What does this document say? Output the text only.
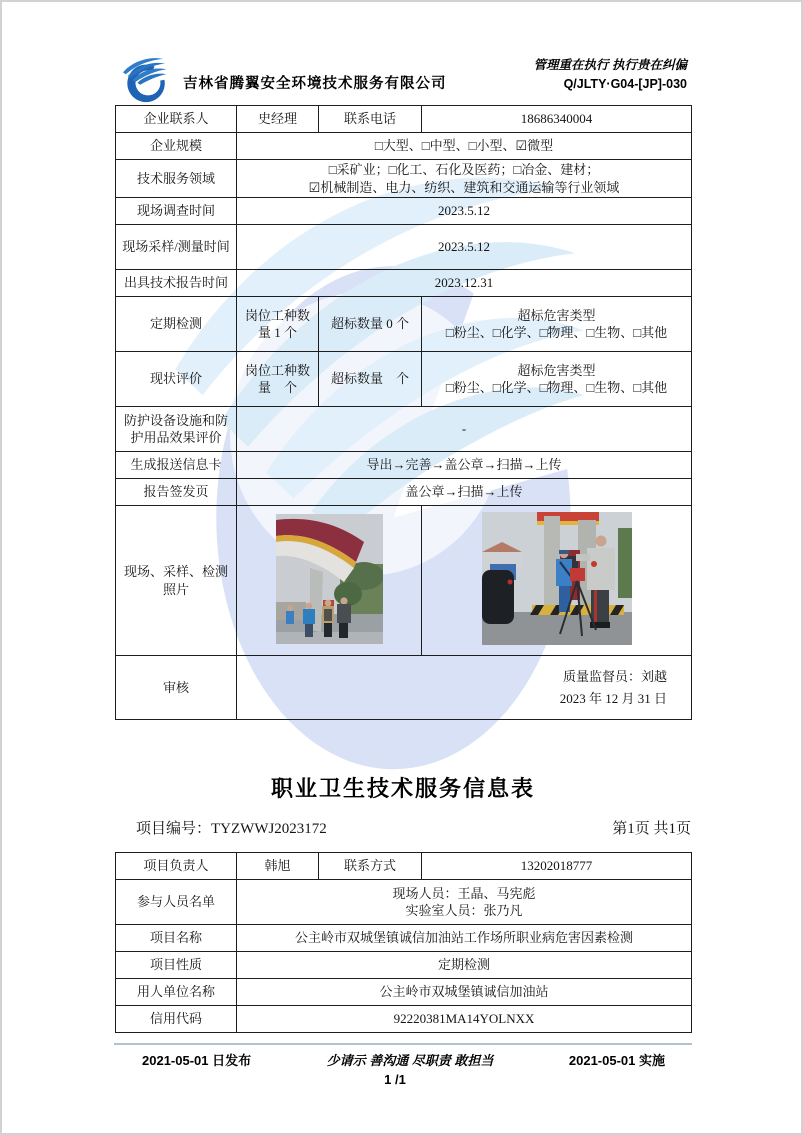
吉林省腾翼安全环境技术服务有限公司
管理重在执行 执行贵在纠偏
Q/JLTY·G04-[JP]-030
企业联系人	史经理	联系电话	18686340004
企业规模	□大型、□中型、□小型、☑微型		
技术服务领域	□采矿业；□化工、石化及医药；□冶金、建材；
☑机械制造、电力、纺织、建筑和交通运输等行业领域		

现场调查时间	2023.5.12		
现场采样/测量时间	2023.5.12		
出具技术报告时间	2023.12.31		
定期检测	岗位工种数量 1 个	超标数量 0 个	超标危害类型
□粉尘、□化学、□物理、□生物、□其他

现状评价	岗位工种数量　个	超标数量　个	超标危害类型
□粉尘、□化学、□物理、□生物、□其他

防护设备设施和防护用品效果评价	-		
生成报送信息卡	导出→完善→盖公章→扫描→上传		
报告签发页	盖公章→扫描→上传		
现场、采样、检测照片		
审核	质量监督员：刘越
2023 年 12 月 31 日		
职业卫生技术服务信息表
项目编号：TYZWWJ2023172	第1页 共1页
项目负责人	韩旭	联系方式	13202018777
参与人员名单	现场人员：王晶、马宪彪
实验室人员：张乃凡		

项目名称	公主岭市双城堡镇诚信加油站工作场所职业病危害因素检测		
项目性质	定期检测		
用人单位名称	公主岭市双城堡镇诚信加油站		
信用代码	92220381MA14YOLNXX		
2021-05-01 日发布	少请示 善沟通 尽职责 敢担当	2021-05-01 实施
1 /1
